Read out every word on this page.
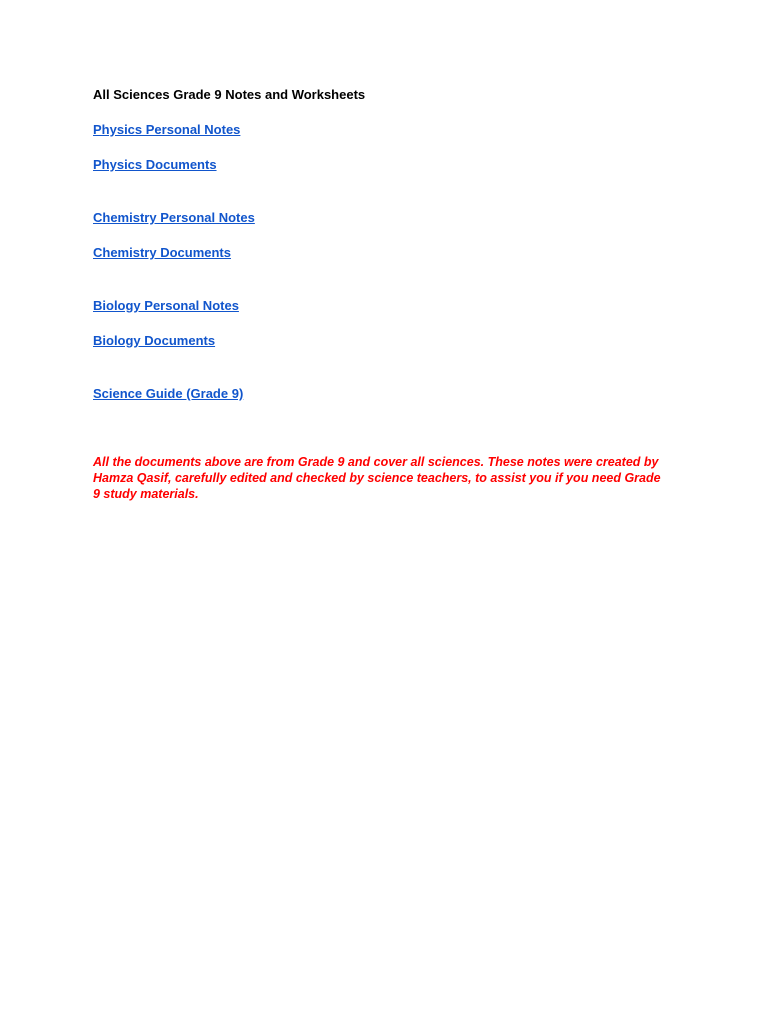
All Sciences Grade 9 Notes and Worksheets
Physics Personal Notes
Physics Documents
Chemistry Personal Notes
Chemistry Documents
Biology Personal Notes
Biology Documents
Science Guide (Grade 9)
All the documents above are from Grade 9 and cover all sciences. These notes were created by Hamza Qasif, carefully edited and checked by science teachers, to assist you if you need Grade 9 study materials.
